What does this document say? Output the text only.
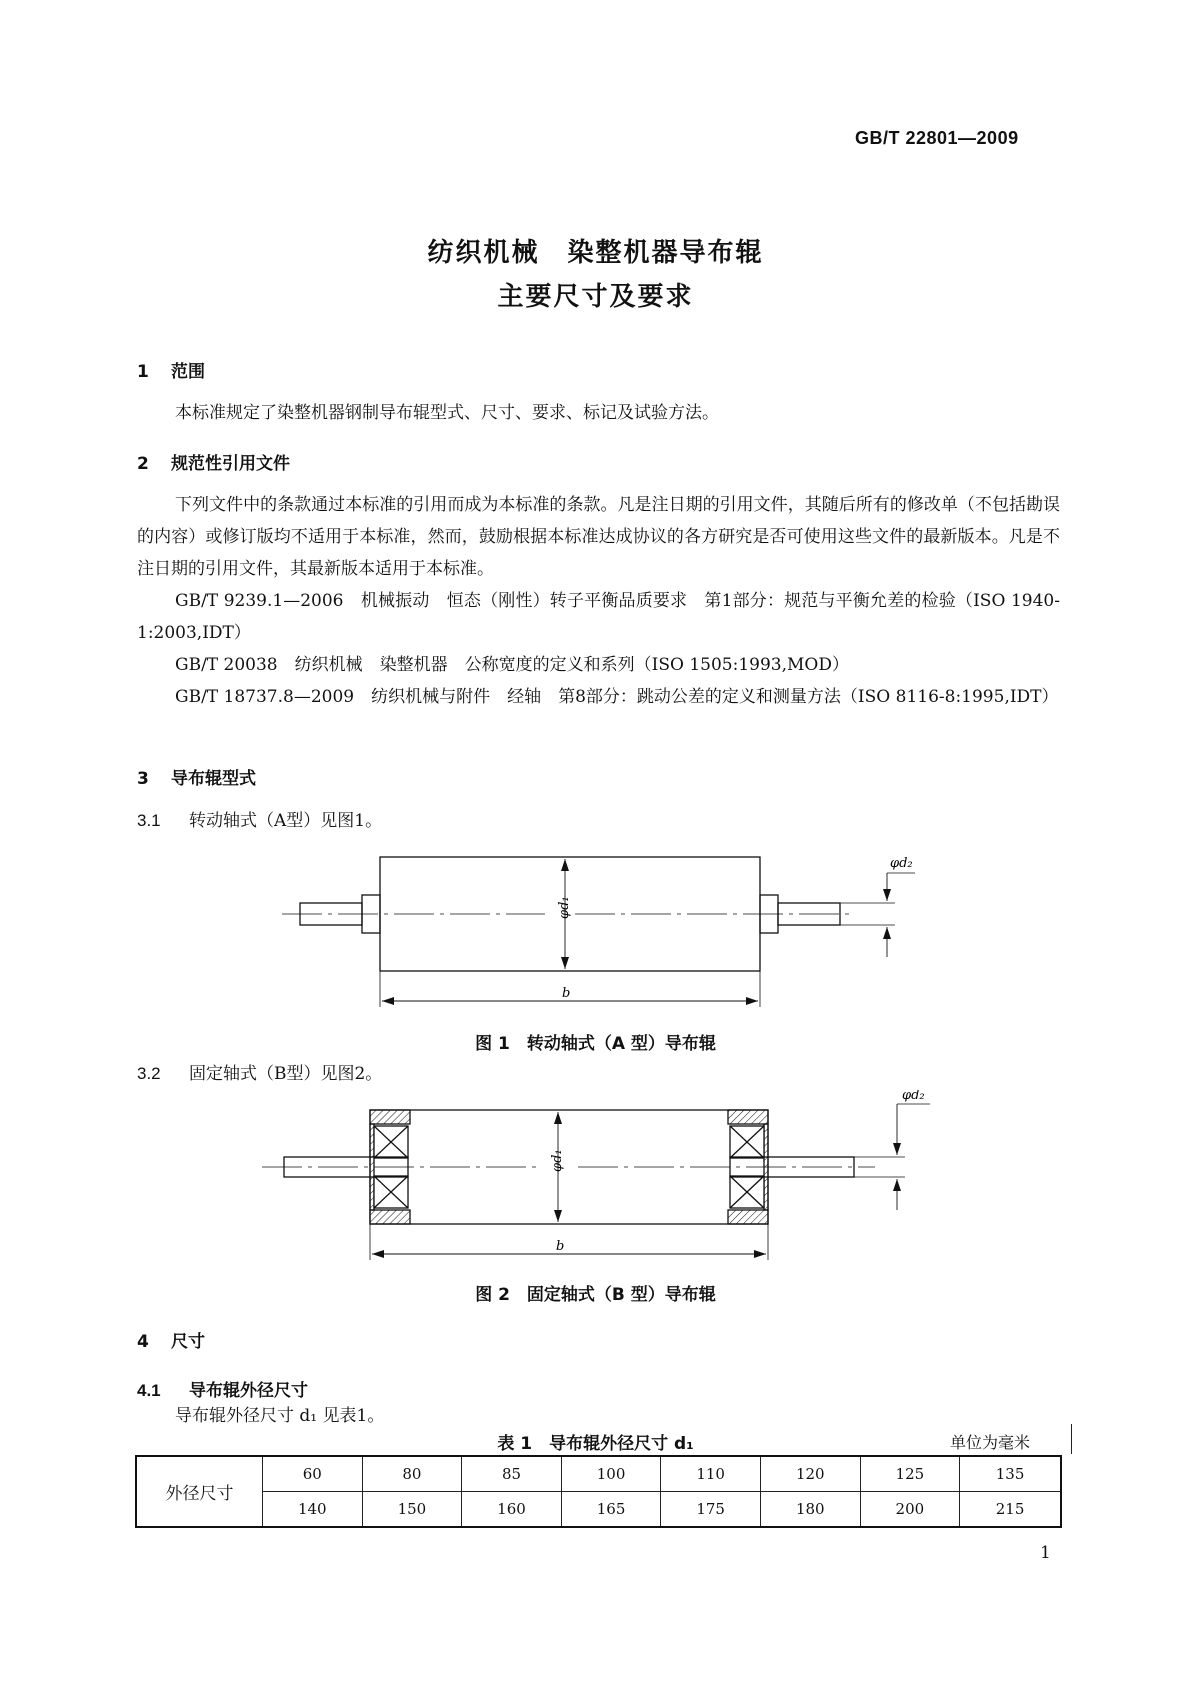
GB/T 22801—2009
纺织机械　染整机器导布辊
主要尺寸及要求
1 范围
本标准规定了染整机器钢制导布辊型式、尺寸、要求、标记及试验方法。
2 规范性引用文件
下列文件中的条款通过本标准的引用而成为本标准的条款。凡是注日期的引用文件，其随后所有的修改单（不包括勘误的内容）或修订版均不适用于本标准，然而，鼓励根据本标准达成协议的各方研究是否可使用这些文件的最新版本。凡是不注日期的引用文件，其最新版本适用于本标准。
GB/T 9239.1—2006　机械振动　恒态（刚性）转子平衡品质要求　第1部分：规范与平衡允差的检验（ISO 1940-1:2003,IDT）
GB/T 20038　纺织机械　染整机器　公称宽度的定义和系列（ISO 1505:1993,MOD）
GB/T 18737.8—2009　纺织机械与附件　经轴　第8部分：跳动公差的定义和测量方法（ISO 8116-8:1995,IDT）
3 导布辊型式
3.1 转动轴式（A型）见图1。
φd₁
b
φd₂
图 1　转动轴式（A 型）导布辊
3.2 固定轴式（B型）见图2。
φd₁
b
φd₂
图 2　固定轴式（B 型）导布辊
4 尺寸
4.1 导布辊外径尺寸
导布辊外径尺寸 d₁ 见表1。
表 1　导布辊外径尺寸 d₁	单位为毫米
外径尺寸	60	80	85	100	110	120	125	135
	140	150	160	165	175	180	200	215
1
